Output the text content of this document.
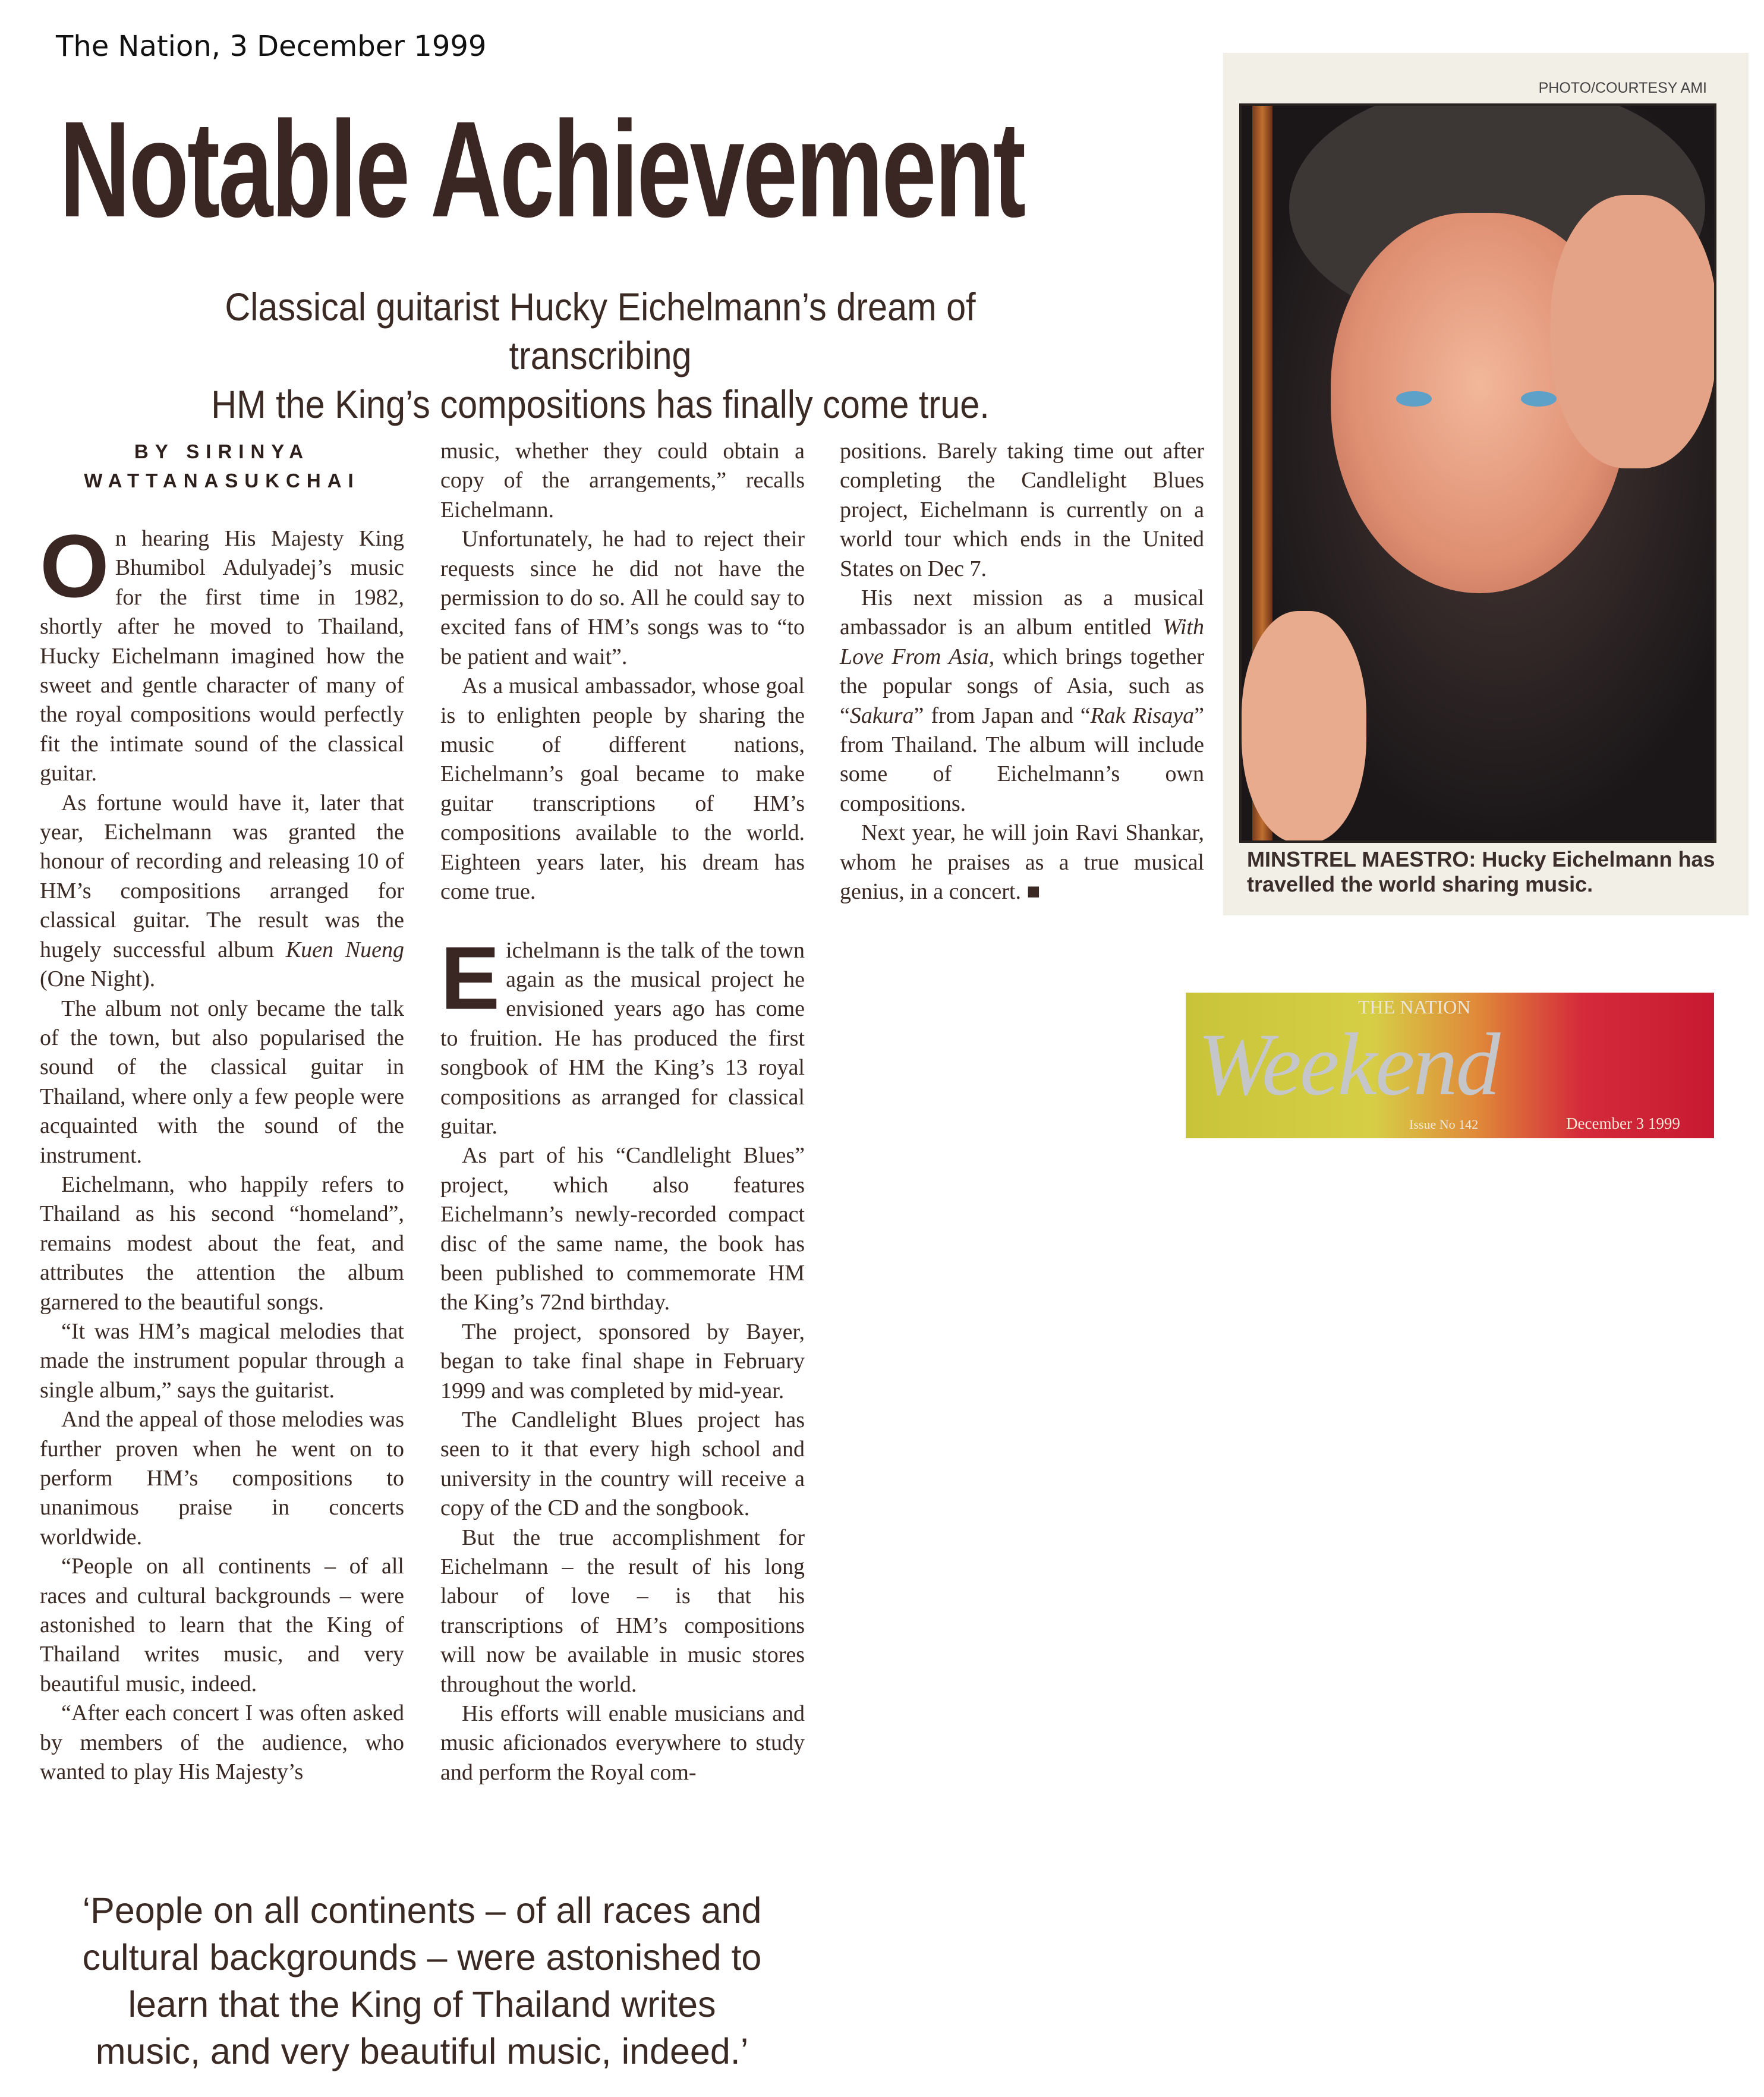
The Nation, 3 December 1999
Notable Achievement
Classical guitarist Hucky Eichelmann’s dream of transcribing
HM the King’s compositions has finally come true.
BY SIRINYA
WATTANASUKCHAI

On hearing His Majesty King Bhumibol Adulyadej’s music for the first time in 1982, shortly after he moved to Thailand, Hucky Eichelmann imagined how the sweet and gentle character of many of the royal compositions would perfectly fit the intimate sound of the classical guitar.

As fortune would have it, later that year, Eichelmann was granted the honour of recording and releasing 10 of HM’s compositions arranged for classical guitar. The result was the hugely successful album Kuen Nueng (One Night).

The album not only became the talk of the town, but also popularised the sound of the classical guitar in Thailand, where only a few people were acquainted with the sound of the instrument.

Eichelmann, who happily refers to Thailand as his second “homeland”, remains modest about the feat, and attributes the attention the album garnered to the beautiful songs.

“It was HM’s magical melodies that made the instrument popular through a single album,” says the guitarist.

And the appeal of those melodies was further proven when he went on to perform HM’s compositions to unanimous praise in concerts worldwide.

“People on all continents – of all races and cultural backgrounds – were astonished to learn that the King of Thailand writes music, and very beautiful music, indeed.

“After each concert I was often asked by members of the audience, who wanted to play His Majesty’s

music, whether they could obtain a copy of the arrangements,” recalls Eichelmann.

Unfortunately, he had to reject their requests since he did not have the permission to do so. All he could say to excited fans of HM’s songs was to “to be patient and wait”.

As a musical ambassador, whose goal is to enlighten people by sharing the music of different nations, Eichelmann’s goal became to make guitar transcriptions of HM’s compositions available to the world. Eighteen years later, his dream has come true.

Eichelmann is the talk of the town again as the musical project he envisioned years ago has come to fruition. He has produced the first songbook of HM the King’s 13 royal compositions as arranged for classical guitar.

As part of his “Candlelight Blues” project, which also features Eichelmann’s newly-recorded compact disc of the same name, the book has been published to commemorate HM the King’s 72nd birthday.

The project, sponsored by Bayer, began to take final shape in February 1999 and was completed by mid-year.

The Candlelight Blues project has seen to it that every high school and university in the country will receive a copy of the CD and the songbook.

But the true accomplishment for Eichelmann – the result of his long labour of love – is that his transcriptions of HM’s compositions will now be available in music stores throughout the world.

His efforts will enable musicians and music aficionados everywhere to study and perform the Royal com-

positions. Barely taking time out after completing the Candlelight Blues project, Eichelmann is currently on a world tour which ends in the United States on Dec 7.

His next mission as a musical ambassador is an album entitled With Love From Asia, which brings together the popular songs of Asia, such as “Sakura” from Japan and “Rak Risaya” from Thailand. The album will include some of Eichelmann’s own compositions.

Next year, he will join Ravi Shankar, whom he praises as a true musical genius, in a concert. ■

PHOTO/COURTESY AMI
MINSTREL MAESTRO: Hucky Eichelmann has travelled the world sharing music.
THE NATION
Weekend
Issue No 142	December 3 1999
‘People on all continents – of all races and
cultural backgrounds – were astonished to
learn that the King of Thailand writes
music, and very beautiful music, indeed.’
